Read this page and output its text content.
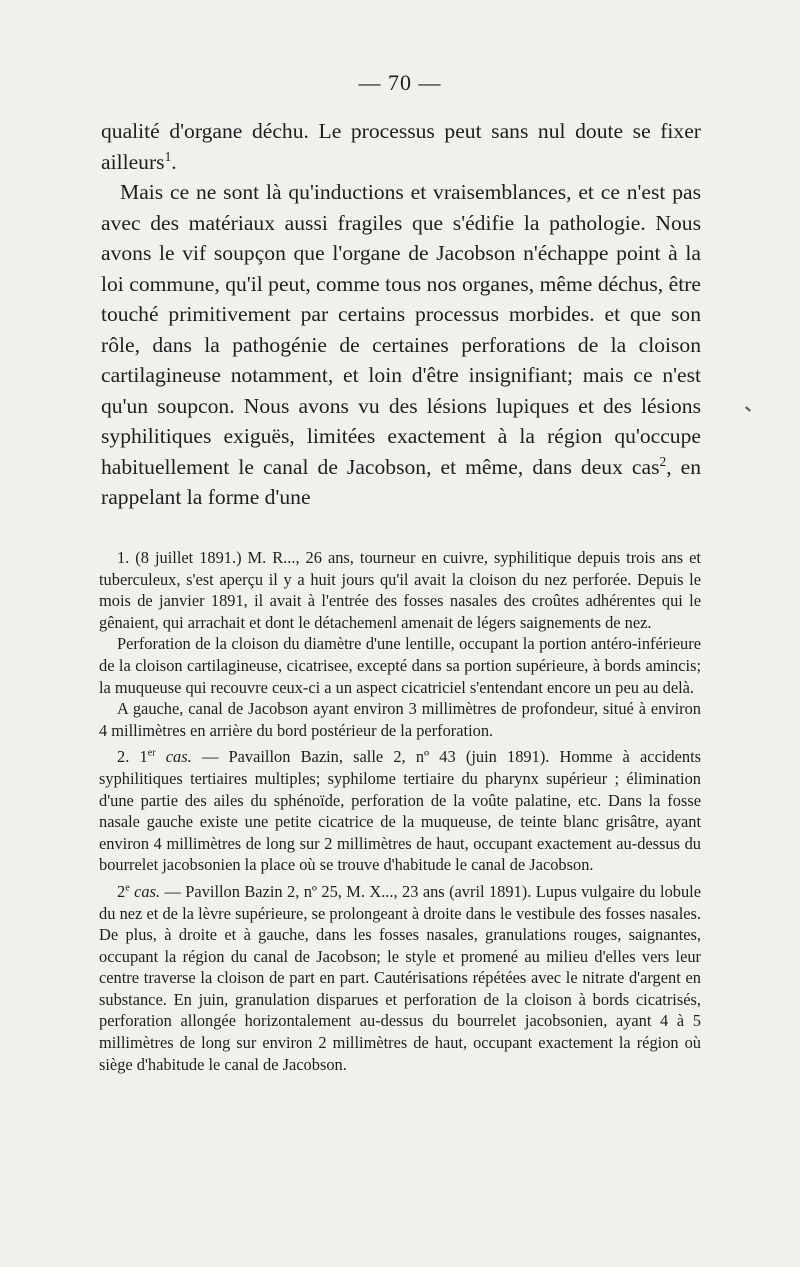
— 70 —

qualité d'organe déchu. Le processus peut sans nul doute se fixer ailleurs$^1$.

Mais ce ne sont là qu'inductions et vraisemblances, et ce n'est pas avec des matériaux aussi fragiles que s'édifie la pathologie. Nous avons le vif soupçon que l'organe de Jacobson n'échappe point à la loi commune, qu'il peut, comme tous nos organes, même déchus, être touché primitivement par certains processus morbides. et que son rôle, dans la pathogénie de certaines perforations de la cloison cartilagineuse notamment, et loin d'être insignifiant; mais ce n'est qu'un soupcon. Nous avons vu des lésions lupiques et des lésions syphilitiques exiguës, limitées exactement à la région qu'occupe habituellement le canal de Jacobson, et même, dans deux cas$^2$, en rappelant la forme d'une

1. (8 juillet 1891.) M. R..., 26 ans, tourneur en cuivre, syphilitique depuis trois ans et tuberculeux, s'est aperçu il y a huit jours qu'il avait la cloison du nez perforée. Depuis le mois de janvier 1891, il avait à l'entrée des fosses nasales des croûtes adhérentes qui le gênaient, qui arrachait et dont le détachemenl amenait de légers saignements de nez.

Perforation de la cloison du diamètre d'une lentille, occupant la portion antéro-inférieure de la cloison cartilagineuse, cicatrisee, excepté dans sa portion supérieure, à bords amincis; la muqueuse qui recouvre ceux-ci a un aspect cicatriciel s'entendant encore un peu au delà.

A gauche, canal de Jacobson ayant environ 3 millimètres de profondeur, situé à environ 4 millimètres en arrière du bord postérieur de la perforation.

2. 1er cas. — Pavaillon Bazin, salle 2, nº 43 (juin 1891). Homme à accidents syphilitiques tertiaires multiples; syphilome tertiaire du pharynx supérieur ; élimination d'une partie des ailes du sphénoïde, perforation de la voûte palatine, etc. Dans la fosse nasale gauche existe une petite cicatrice de la muqueuse, de teinte blanc grisâtre, ayant environ 4 millimètres de long sur 2 millimètres de haut, occupant exactement au-dessus du bourrelet jacobsonien la place où se trouve d'habitude le canal de Jacobson.

2e cas. — Pavillon Bazin 2, nº 25, M. X..., 23 ans (avril 1891). Lupus vulgaire du lobule du nez et de la lèvre supérieure, se prolongeant à droite dans le vestibule des fosses nasales. De plus, à droite et à gauche, dans les fosses nasales, granulations rouges, saignantes, occupant la région du canal de Jacobson; le style et promené au milieu d'elles vers leur centre traverse la cloison de part en part. Cautérisations répétées avec le nitrate d'argent en substance. En juin, granulation disparues et perforation de la cloison à bords cicatrisés, perforation allongée horizontalement au-dessus du bourrelet jacobsonien, ayant 4 à 5 millimètres de long sur environ 2 millimètres de haut, occupant exactement la région où siège d'habitude le canal de Jacobson.
